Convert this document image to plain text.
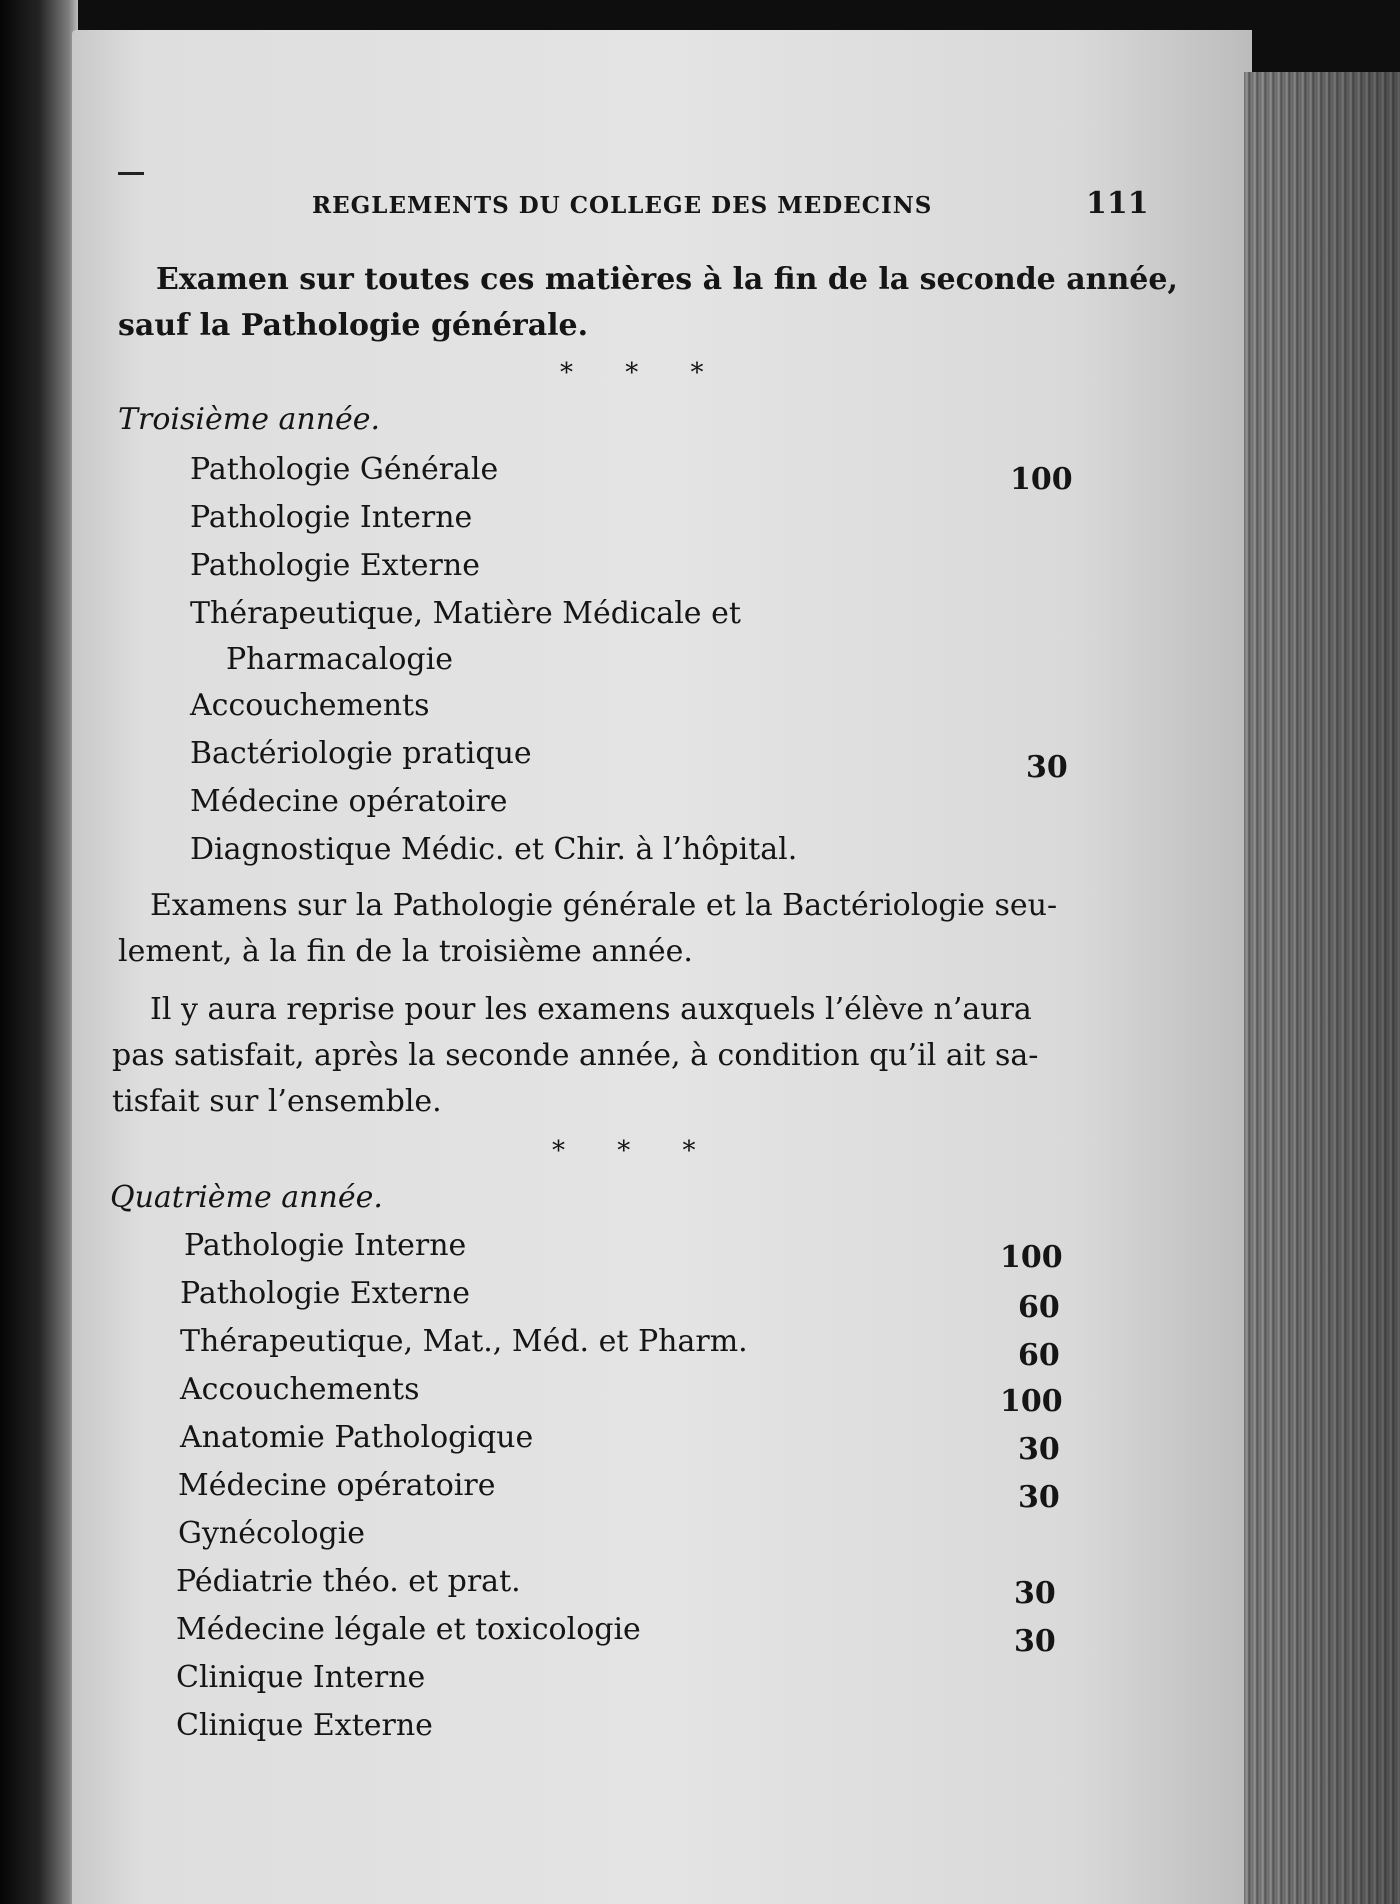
REGLEMENTS DU COLLEGE DES MEDECINS	111
Examen sur toutes ces matières à la fin de la seconde année,
sauf la Pathologie générale.
* * *
Troisième année.
Pathologie Générale	100
Pathologie Interne
Pathologie Externe
Thérapeutique, Matière Médicale et
Pharmacalogie
Accouchements
Bactériologie pratique	30
Médecine opératoire
Diagnostique Médic. et Chir. à l’hôpital.
Examens sur la Pathologie générale et la Bactériologie seu-
lement, à la fin de la troisième année.
Il y aura reprise pour les examens auxquels l’élève n’aura
pas satisfait, après la seconde année, à condition qu’il ait sa-
tisfait sur l’ensemble.
* * *
Quatrième année.
Pathologie Interne	100
Pathologie Externe	60
Thérapeutique, Mat., Méd. et Pharm.	60
Accouchements	100
Anatomie Pathologique	30
Médecine opératoire	30
Gynécologie
Pédiatrie théo. et prat.	30
Médecine légale et toxicologie	30
Clinique Interne
Clinique Externe
